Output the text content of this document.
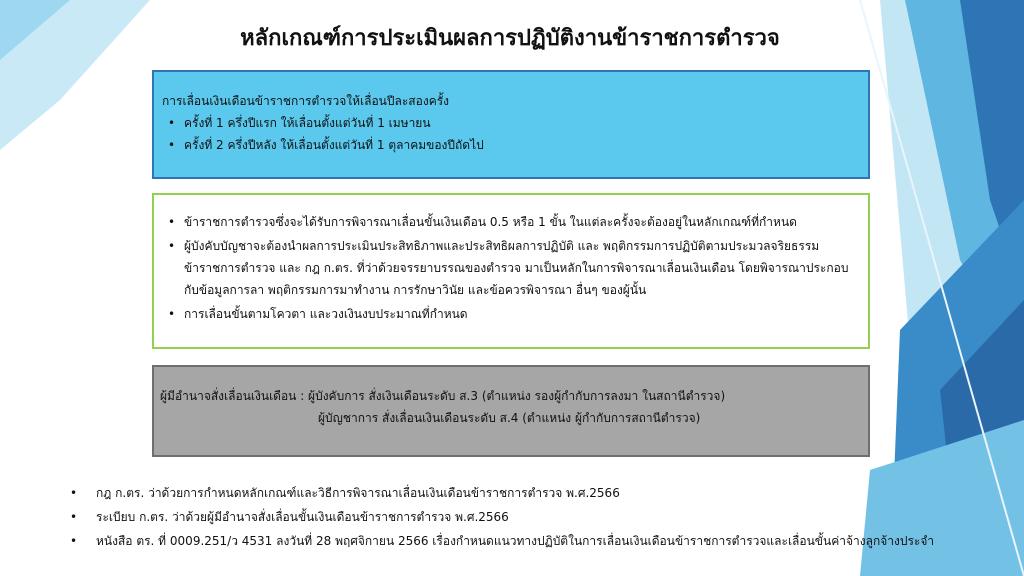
หลักเกณฑ์การประเมินผลการปฏิบัติงานข้าราชการตำรวจ
การเลื่อนเงินเดือนข้าราชการตำรวจให้เลื่อนปีละสองครั้ง
• ครั้งที่ 1 ครึ่งปีแรก ให้เลื่อนตั้งแต่วันที่ 1 เมษายน
• ครั้งที่ 2 ครึ่งปีหลัง ให้เลื่อนตั้งแต่วันที่ 1 ตุลาคมของปีถัดไป
• ข้าราชการตำรวจซึ่งจะได้รับการพิจารณาเลื่อนขั้นเงินเดือน 0.5 หรือ 1 ขั้น ในแต่ละครั้งจะต้องอยู่ในหลักเกณฑ์ที่กำหนด
• ผู้บังคับบัญชาจะต้องนำผลการประเมินประสิทธิภาพและประสิทธิผลการปฏิบัติ และ พฤติกรรมการปฏิบัติตามประมวลจริยธรรม
ข้าราชการตำรวจ และ กฎ ก.ตร. ที่ว่าด้วยจรรยาบรรณของตำรวจ มาเป็นหลักในการพิจารณาเลื่อนเงินเดือน โดยพิจารณาประกอบ
กับข้อมูลการลา พฤติกรรมการมาทำงาน การรักษาวินัย และข้อควรพิจารณา อื่นๆ ของผู้นั้น
• การเลื่อนขั้นตามโควตา และวงเงินงบประมาณที่กำหนด
ผู้มีอำนาจสั่งเลื่อนเงินเดือน : ผู้บังคับการ สั่งเงินเดือนระดับ ส.3 (ตำแหน่ง รองผู้กำกับการลงมา ในสถานีตำรวจ)
ผู้บัญชาการ สั่งเลื่อนเงินเดือนระดับ ส.4 (ตำแหน่ง ผู้กำกับการสถานีตำรวจ)
•	กฎ ก.ตร. ว่าด้วยการกำหนดหลักเกณฑ์และวิธีการพิจารณาเลื่อนเงินเดือนข้าราชการตำรวจ พ.ศ.2566
•	ระเบียบ ก.ตร. ว่าด้วยผู้มีอำนาจสั่งเลื่อนขั้นเงินเดือนข้าราชการตำรวจ พ.ศ.2566
•	หนังสือ ตร. ที่ 0009.251/ว 4531 ลงวันที่ 28 พฤศจิกายน 2566 เรื่องกำหนดแนวทางปฏิบัติในการเลื่อนเงินเดือนข้าราชการตำรวจและเลื่อนขั้นค่าจ้างลูกจ้างประจำ
